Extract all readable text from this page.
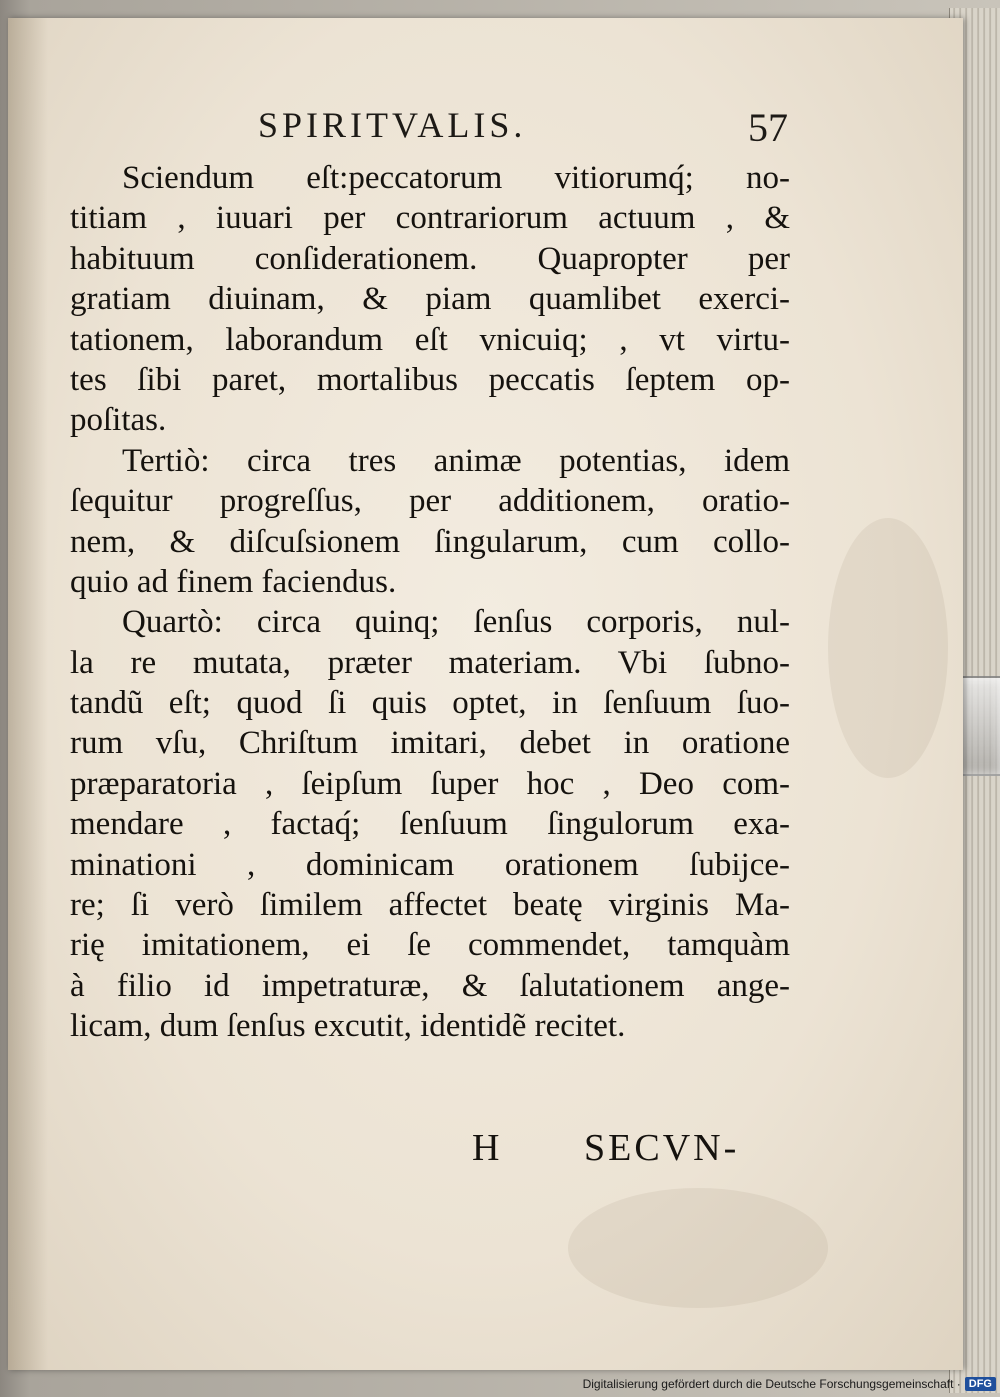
SPIRITVALIS.	57
Sciendum eſt:peccatorum vitiorumq́; no-
titiam , iuuari per contrariorum actuum , &
habituum conſiderationem. Quapropter per
gratiam diuinam, & piam quamlibet exerci-
tationem, laborandum eſt vnicuiq; , vt virtu-
tes ſibi paret, mortalibus peccatis ſeptem op-
poſitas.
Tertiò: circa tres animæ potentias, idem
ſequitur progreſſus, per additionem, oratio-
nem, & diſcuſsionem ſingularum, cum collo-
quio ad finem faciendus.
Quartò: circa quinq; ſenſus corporis, nul-
la re mutata, præter materiam. Vbi ſubno-
tandũ eſt; quod ſi quis optet, in ſenſuum ſuo-
rum vſu, Chriſtum imitari, debet in oratione
præparatoria , ſeipſum ſuper hoc , Deo com-
mendare , factaq́; ſenſuum ſingulorum exa-
minationi , dominicam orationem ſubijce-
re; ſi verò ſimilem affectet beatę virginis Ma-
rię imitationem, ei ſe commendet, tamquàm
à filio id impetraturæ, & ſalutationem ange-
licam, dum ſenſus excutit, identidẽ recitet.
H SECVN-
Digitalisierung gefördert durch die Deutsche Forschungsgemeinschaft · DFG
